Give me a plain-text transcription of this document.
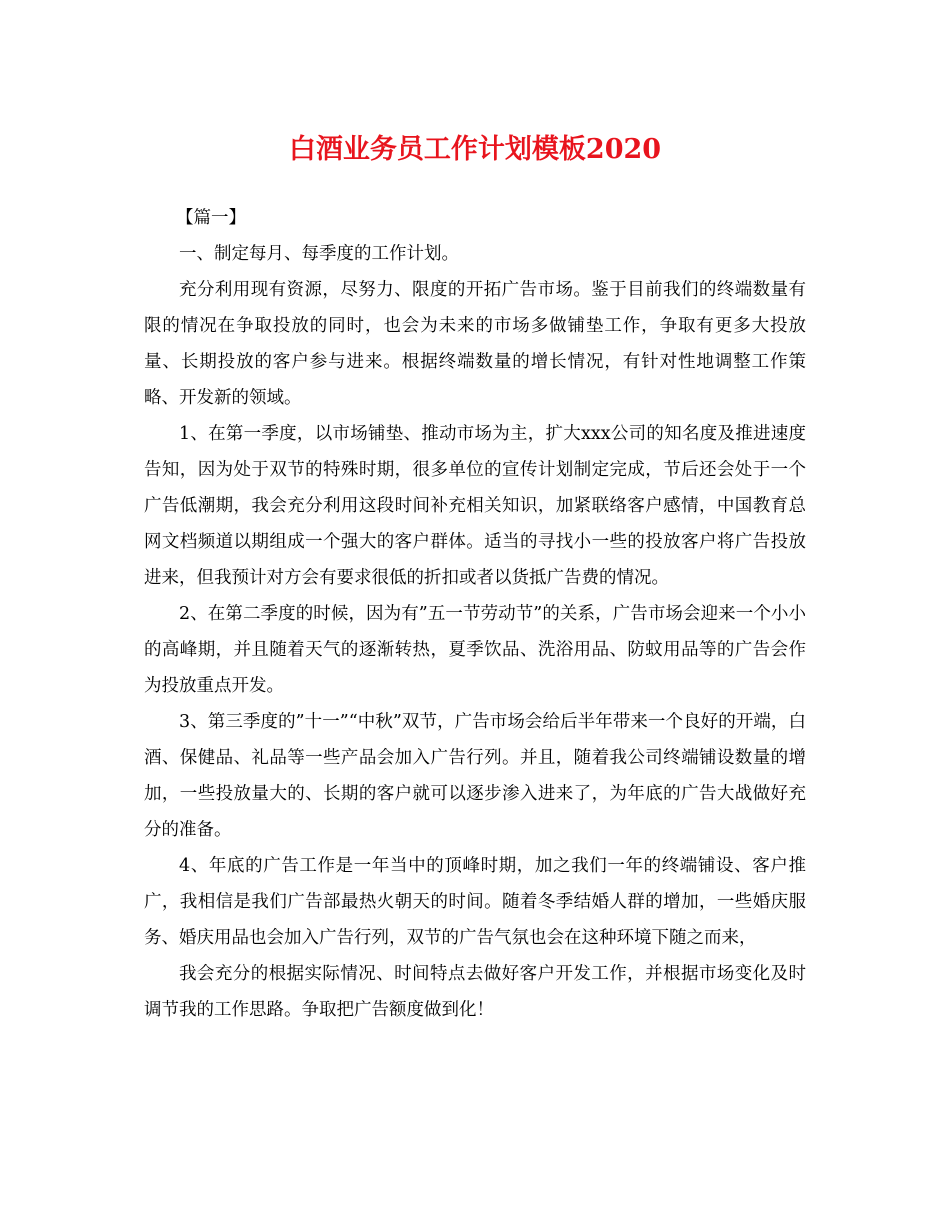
白酒业务员工作计划模板2020

【篇一】

一、制定每月、每季度的工作计划。

充分利用现有资源，尽努力、限度的开拓广告市场。鉴于目前我们的终端数量有限的情况在争取投放的同时，也会为未来的市场多做铺垫工作，争取有更多大投放量、长期投放的客户参与进来。根据终端数量的增长情况，有针对性地调整工作策略、开发新的领域。

1、在第一季度，以市场铺垫、推动市场为主，扩大xxx公司的知名度及推进速度告知，因为处于双节的特殊时期，很多单位的宣传计划制定完成，节后还会处于一个广告低潮期，我会充分利用这段时间补充相关知识，加紧联络客户感情，中国教育总网文档频道以期组成一个强大的客户群体。适当的寻找小一些的投放客户将广告投放进来，但我预计对方会有要求很低的折扣或者以货抵广告费的情况。

2、在第二季度的时候，因为有”五一节劳动节”的关系，广告市场会迎来一个小小的高峰期，并且随着天气的逐渐转热，夏季饮品、洗浴用品、防蚊用品等的广告会作为投放重点开发。

3、第三季度的”十一”“中秋”双节，广告市场会给后半年带来一个良好的开端，白酒、保健品、礼品等一些产品会加入广告行列。并且，随着我公司终端铺设数量的增加，一些投放量大的、长期的客户就可以逐步渗入进来了，为年底的广告大战做好充分的准备。

4、年底的广告工作是一年当中的顶峰时期，加之我们一年的终端铺设、客户推广，我相信是我们广告部最热火朝天的时间。随着冬季结婚人群的增加，一些婚庆服务、婚庆用品也会加入广告行列，双节的广告气氛也会在这种环境下随之而来，

我会充分的根据实际情况、时间特点去做好客户开发工作，并根据市场变化及时调节我的工作思路。争取把广告额度做到化！
